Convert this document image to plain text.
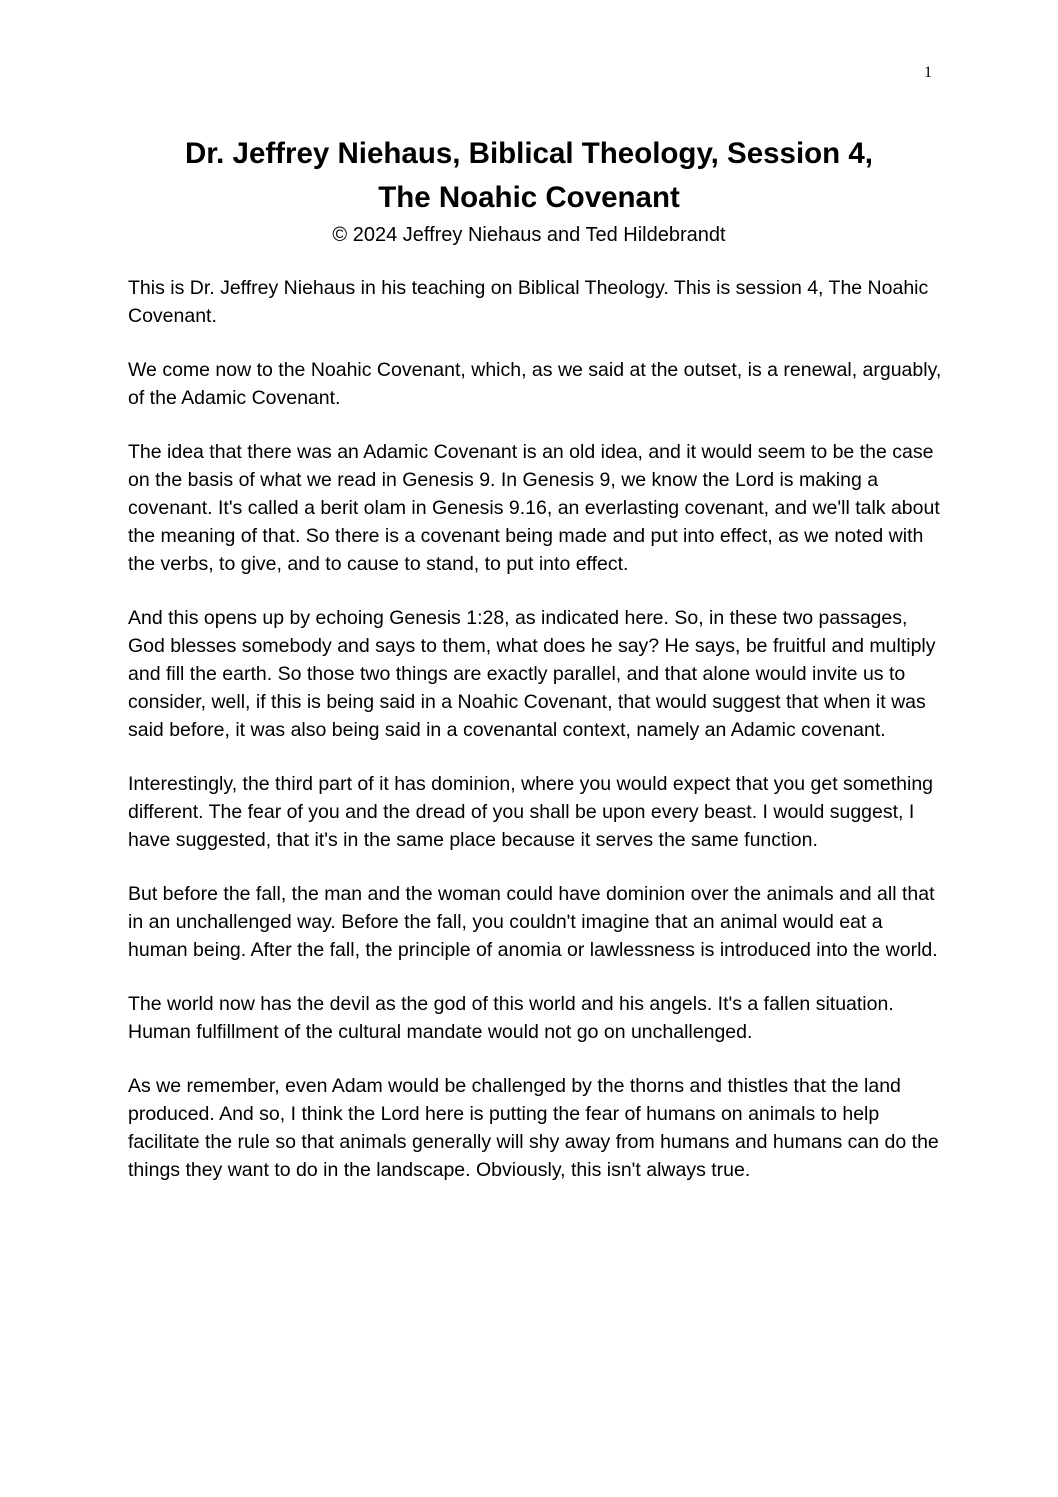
1
Dr. Jeffrey Niehaus, Biblical Theology, Session 4,
The Noahic Covenant

© 2024 Jeffrey Niehaus and Ted Hildebrandt

This is Dr. Jeffrey Niehaus in his teaching on Biblical Theology. This is session 4, The Noahic Covenant.

We come now to the Noahic Covenant, which, as we said at the outset, is a renewal, arguably, of the Adamic Covenant.

The idea that there was an Adamic Covenant is an old idea, and it would seem to be the case on the basis of what we read in Genesis 9. In Genesis 9, we know the Lord is making a covenant. It's called a berit olam in Genesis 9.16, an everlasting covenant, and we'll talk about the meaning of that. So there is a covenant being made and put into effect, as we noted with the verbs, to give, and to cause to stand, to put into effect.

And this opens up by echoing Genesis 1:28, as indicated here. So, in these two passages, God blesses somebody and says to them, what does he say? He says, be fruitful and multiply and fill the earth. So those two things are exactly parallel, and that alone would invite us to consider, well, if this is being said in a Noahic Covenant, that would suggest that when it was said before, it was also being said in a covenantal context, namely an Adamic covenant.

Interestingly, the third part of it has dominion, where you would expect that you get something different. The fear of you and the dread of you shall be upon every beast. I would suggest, I have suggested, that it's in the same place because it serves the same function.

But before the fall, the man and the woman could have dominion over the animals and all that in an unchallenged way. Before the fall, you couldn't imagine that an animal would eat a human being. After the fall, the principle of anomia or lawlessness is introduced into the world.

The world now has the devil as the god of this world and his angels. It's a fallen situation. Human fulfillment of the cultural mandate would not go on unchallenged.

As we remember, even Adam would be challenged by the thorns and thistles that the land produced. And so, I think the Lord here is putting the fear of humans on animals to help facilitate the rule so that animals generally will shy away from humans and humans can do the things they want to do in the landscape. Obviously, this isn't always true.
